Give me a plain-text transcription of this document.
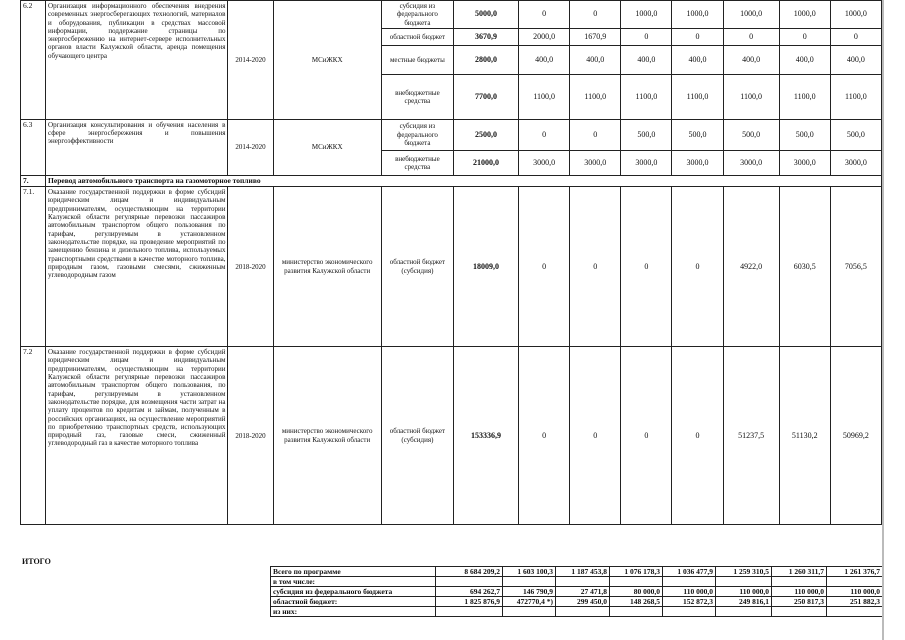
6.2	Организация информационного обеспечения внедрения современных энергосберегающих технологий, материалов и оборудования, публикации в средствах массовой информации, поддержание страницы по энергосбережению на интернет-сервере исполнительных органов власти Калужской области, аренда помещения обучающего центра	2014-2020	МСиЖКХ	субсидия из федерального бюджета	5000,0	0	0	1000,0	1000,0	1000,0	1000,0	1000,0
				областной бюджет	3670,9	2000,0	1670,9	0	0	0	0	0
				местные бюджеты	2800,0	400,0	400,0	400,0	400,0	400,0	400,0	400,0
				внебюджетные средства	7700,0	1100,0	1100,0	1100,0	1100,0	1100,0	1100,0	1100,0
6.3	Организация консультирования и обучения населения в сфере энергосбережения и повышения энергоэффективности	2014-2020	МСиЖКХ	субсидия из федерального бюджета	2500,0	0	0	500,0	500,0	500,0	500,0	500,0
				внебюджетные средства	21000,0	3000,0	3000,0	3000,0	3000,0	3000,0	3000,0	3000,0
7.	Перевод автомобильного транспорта на газомоторное топливо											
7.1.	Оказание государственной поддержки в форме субсидий юридическим лицам и индивидуальным предпринимателям, осуществляющим на территории Калужской области регулярные перевозки пассажиров автомобильным транспортом общего пользования по тарифам, регулируемым в установленном законодательстве порядке, на проведение мероприятий по замещению бензина и дизельного топлива, используемых транспортными средствами в качестве моторного топлива, природным газом, газовыми смесями, сжиженным углеводородным газом	2018-2020	министерство экономического развития Калужской области	областной бюджет (субсидия)	18009,0	0	0	0	0	4922,0	6030,5	7056,5
7.2	Оказание государственной поддержки в форме субсидий юридическим лицам и индивидуальным предпринимателям, осуществляющим на территории Калужской области регулярные перевозки пассажиров автомобильным транспортом общего пользования, по тарифам, регулируемым в установленном законодательстве порядке, для возмещения части затрат на уплату процентов по кредитам и займам, полученным в российских организациях, на осуществление мероприятий по приобретению транспортных средств, использующих природный газ, газовые смеси, сжиженный углеводородный газ в качестве моторного топлива	2018-2020	министерство экономического развития Калужской области	областной бюджет (субсидия)	153336,9	0	0	0	0	51237,5	51130,2	50969,2
ИТОГО
Всего по программе	8 684 209,2	1 603 100,3	1 187 453,8	1 076 178,3	1 036 477,9	1 259 310,5	1 260 311,7	1 261 376,7
в том числе:								
субсидия из федерального бюджета	694 262,7	146 790,9	27 471,8	80 000,0	110 000,0	110 000,0	110 000,0	110 000,0
областной бюджет:	1 825 876,9	472770,4 *)	299 450,0	148 268,5	152 872,3	249 816,1	250 817,3	251 882,3
из них:								
